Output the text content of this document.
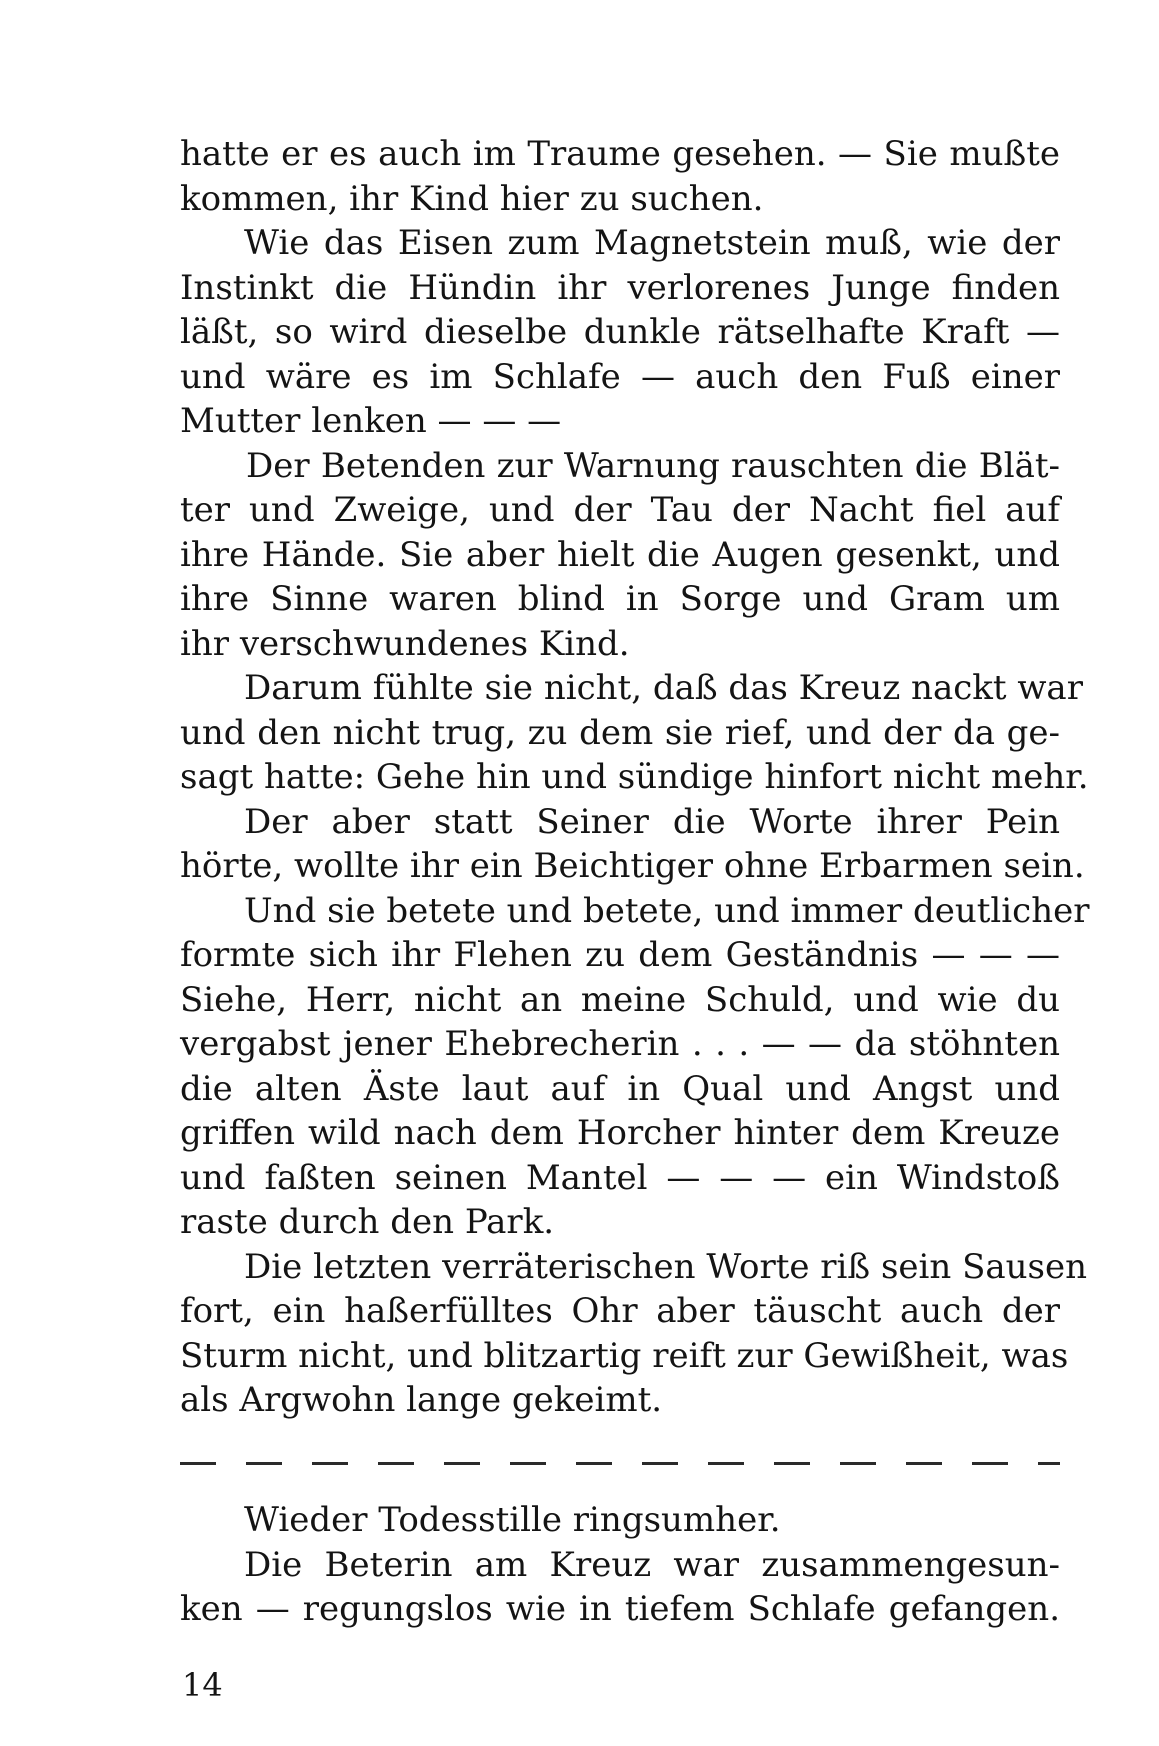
hatte er es auch im Traume gesehen. — Sie mußte
kommen, ihr Kind hier zu suchen.
Wie das Eisen zum Magnetstein muß, wie der
Instinkt die Hündin ihr verlorenes Junge finden
läßt, so wird dieselbe dunkle rätselhafte Kraft —
und wäre es im Schlafe — auch den Fuß einer
Mutter lenken — — —
Der Betenden zur Warnung rauschten die Blät-
ter und Zweige, und der Tau der Nacht fiel auf
ihre Hände. Sie aber hielt die Augen gesenkt, und
ihre Sinne waren blind in Sorge und Gram um
ihr verschwundenes Kind.
Darum fühlte sie nicht, daß das Kreuz nackt war
und den nicht trug, zu dem sie rief, und der da ge-
sagt hatte: Gehe hin und sündige hinfort nicht mehr.
Der aber statt Seiner die Worte ihrer Pein
hörte, wollte ihr ein Beichtiger ohne Erbarmen sein.
Und sie betete und betete, und immer deutlicher
formte sich ihr Flehen zu dem Geständnis — — —
Siehe, Herr, nicht an meine Schuld, und wie du
vergabst jener Ehebrecherin . . . — — da stöhnten
die alten Äste laut auf in Qual und Angst und
griffen wild nach dem Horcher hinter dem Kreuze
und faßten seinen Mantel — — — ein Windstoß
raste durch den Park.
Die letzten verräterischen Worte riß sein Sausen
fort, ein haßerfülltes Ohr aber täuscht auch der
Sturm nicht, und blitzartig reift zur Gewißheit, was
als Argwohn lange gekeimt.
Wieder Todesstille ringsumher.
Die Beterin am Kreuz war zusammengesun-
ken — regungslos wie in tiefem Schlafe gefangen.
14
